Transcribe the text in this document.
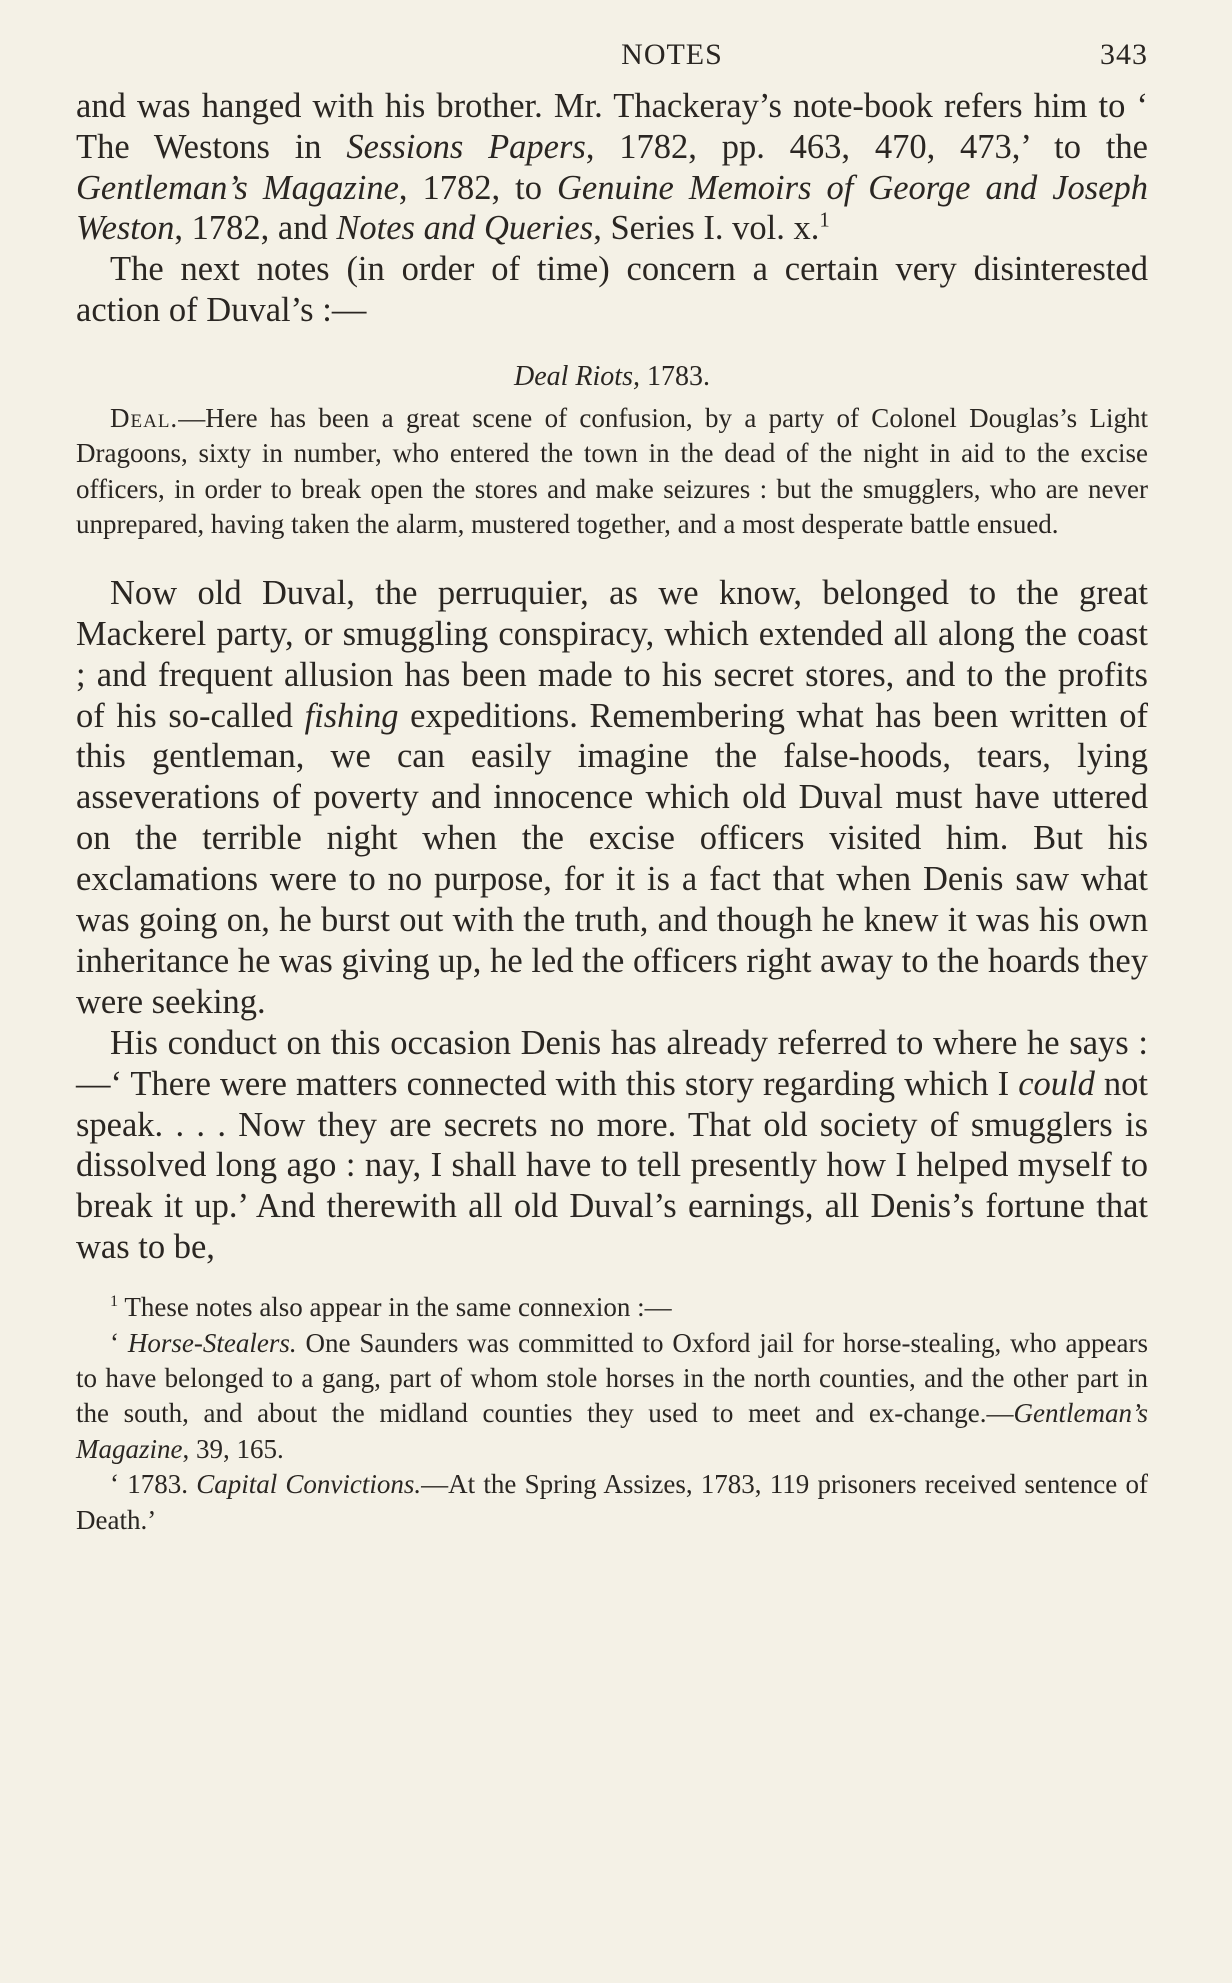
NOTES	343

and was hanged with his brother. Mr. Thackeray’s note-book refers him to ‘ The Westons in Sessions Papers, 1782, pp. 463, 470, 473,’ to the Gentleman’s Magazine, 1782, to Genuine Memoirs of George and Joseph Weston, 1782, and Notes and Queries, Series I. vol. x.$^1$

The next notes (in order of time) concern a certain very disinterested action of Duval’s :—

Deal Riots, 1783.

Deal.—Here has been a great scene of confusion, by a party of Colonel Douglas’s Light Dragoons, sixty in number, who entered the town in the dead of the night in aid to the excise officers, in order to break open the stores and make seizures : but the smugglers, who are never unprepared, having taken the alarm, mustered together, and a most desperate battle ensued.

Now old Duval, the perruquier, as we know, belonged to the great Mackerel party, or smuggling conspiracy, which extended all along the coast ; and frequent allusion has been made to his secret stores, and to the profits of his so-called fishing expeditions. Remembering what has been written of this gentleman, we can easily imagine the false-hoods, tears, lying asseverations of poverty and innocence which old Duval must have uttered on the terrible night when the excise officers visited him. But his exclamations were to no purpose, for it is a fact that when Denis saw what was going on, he burst out with the truth, and though he knew it was his own inheritance he was giving up, he led the officers right away to the hoards they were seeking.

His conduct on this occasion Denis has already referred to where he says :—‘ There were matters connected with this story regarding which I could not speak. . . . Now they are secrets no more. That old society of smugglers is dissolved long ago : nay, I shall have to tell presently how I helped myself to break it up.’ And therewith all old Duval’s earnings, all Denis’s fortune that was to be,

$^1$ These notes also appear in the same connexion :—

‘ Horse-Stealers. One Saunders was committed to Oxford jail for horse-stealing, who appears to have belonged to a gang, part of whom stole horses in the north counties, and the other part in the south, and about the midland counties they used to meet and ex-change.—Gentleman’s Magazine, 39, 165.

‘ 1783. Capital Convictions.—At the Spring Assizes, 1783, 119 prisoners received sentence of Death.’
